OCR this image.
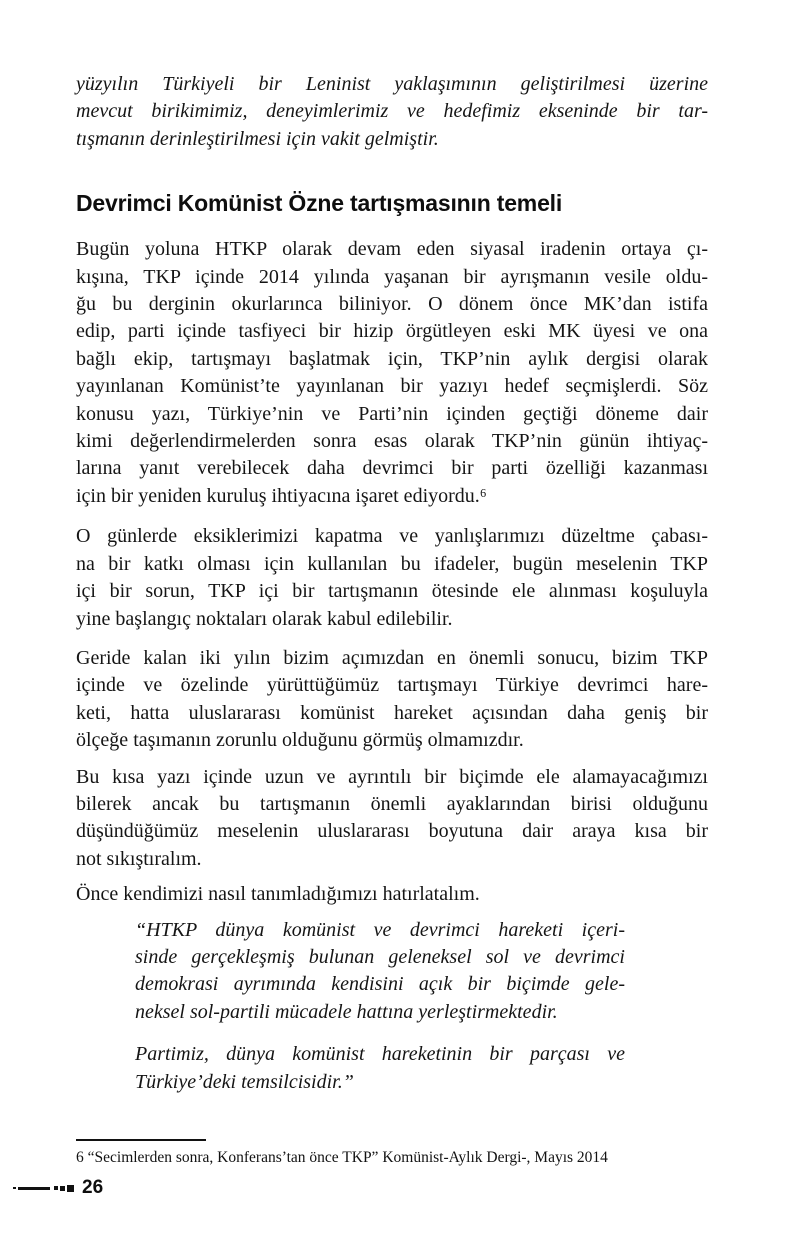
yüzyılın Türkiyeli bir Leninist yaklaşımının geliştirilmesi üzerine
mevcut birikimimiz, deneyimlerimiz ve hedefimiz ekseninde bir tar-
tışmanın derinleştirilmesi için vakit gelmiştir.
Devrimci Komünist Özne tartışmasının temeli
Bugün yoluna HTKP olarak devam eden siyasal iradenin ortaya çı-
kışına, TKP içinde 2014 yılında yaşanan bir ayrışmanın vesile oldu-
ğu bu derginin okurlarınca biliniyor. O dönem önce MK’dan istifa
edip, parti içinde tasfiyeci bir hizip örgütleyen eski MK üyesi ve ona
bağlı ekip, tartışmayı başlatmak için, TKP’nin aylık dergisi olarak
yayınlanan Komünist’te yayınlanan bir yazıyı hedef seçmişlerdi. Söz
konusu yazı, Türkiye’nin ve Parti’nin içinden geçtiği döneme dair
kimi değerlendirmelerden sonra esas olarak TKP’nin günün ihtiyaç-
larına yanıt verebilecek daha devrimci bir parti özelliği kazanması
için bir yeniden kuruluş ihtiyacına işaret ediyordu.⁶
O günlerde eksiklerimizi kapatma ve yanlışlarımızı düzeltme çabası-
na bir katkı olması için kullanılan bu ifadeler, bugün meselenin TKP
içi bir sorun, TKP içi bir tartışmanın ötesinde ele alınması koşuluyla
yine başlangıç noktaları olarak kabul edilebilir.
Geride kalan iki yılın bizim açımızdan en önemli sonucu, bizim TKP
içinde ve özelinde yürüttüğümüz tartışmayı Türkiye devrimci hare-
keti, hatta uluslararası komünist hareket açısından daha geniş bir
ölçeğe taşımanın zorunlu olduğunu görmüş olmamızdır.
Bu kısa yazı içinde uzun ve ayrıntılı bir biçimde ele alamayacağımızı
bilerek ancak bu tartışmanın önemli ayaklarından birisi olduğunu
düşündüğümüz meselenin uluslararası boyutuna dair araya kısa bir
not sıkıştıralım.
Önce kendimizi nasıl tanımladığımızı hatırlatalım.
“HTKP dünya komünist ve devrimci hareketi içeri-
sinde gerçekleşmiş bulunan geleneksel sol ve devrimci
demokrasi ayrımında kendisini açık bir biçimde gele-
neksel sol-partili mücadele hattına yerleştirmektedir.
Partimiz, dünya komünist hareketinin bir parçası ve
Türkiye’deki temsilcisidir.”
6 “Secimlerden sonra, Konferans’tan önce TKP” Komünist-Aylık Dergi-, Mayıs 2014
26
